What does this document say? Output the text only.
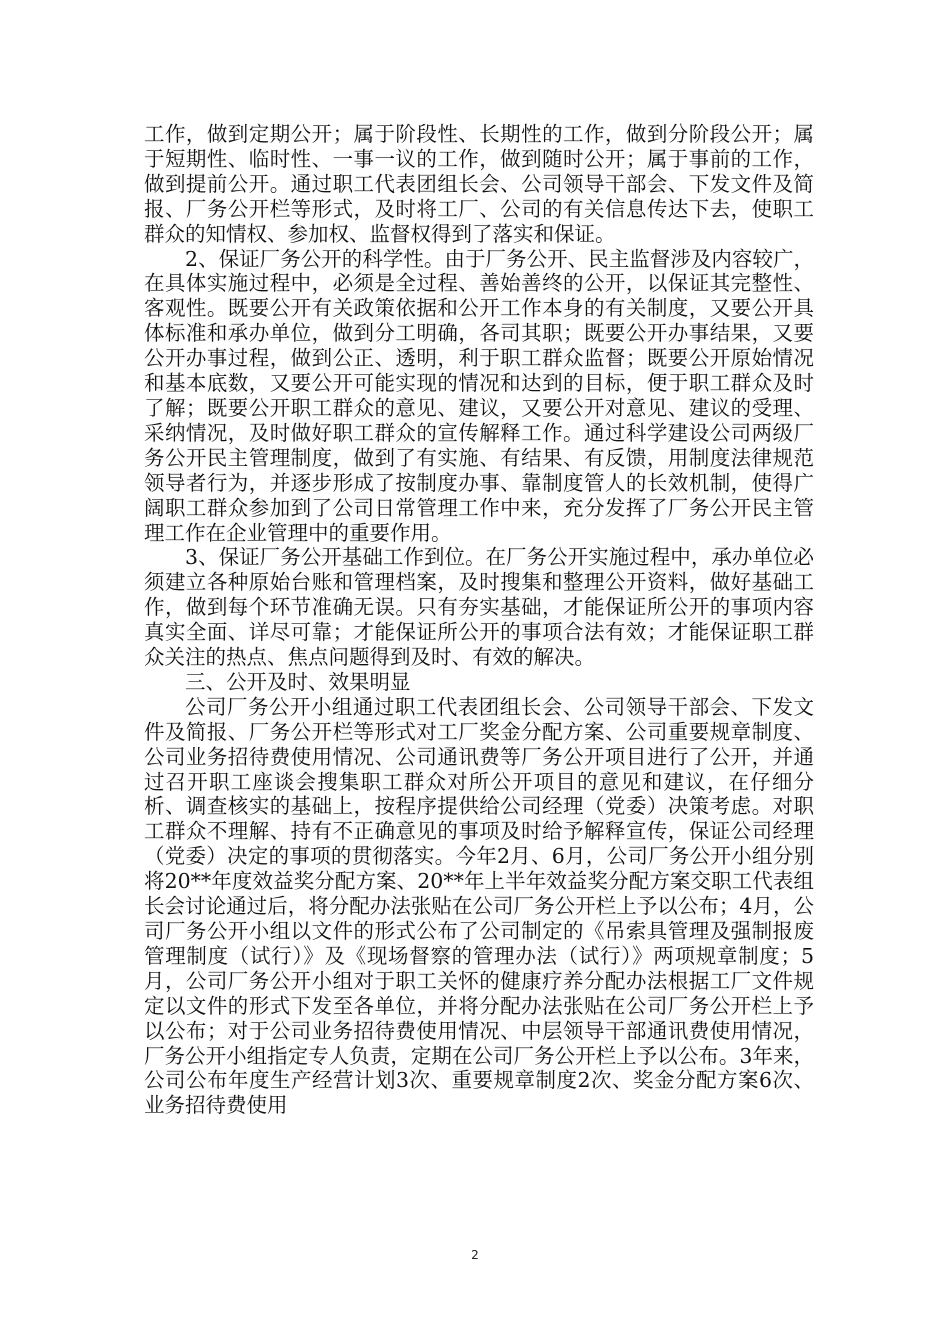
工作，做到定期公开；属于阶段性、长期性的工作，做到分阶段公开；属于短期性、临时性、一事一议的工作，做到随时公开；属于事前的工作，做到提前公开。通过职工代表团组长会、公司领导干部会、下发文件及简报、厂务公开栏等形式，及时将工厂、公司的有关信息传达下去，使职工群众的知情权、参加权、监督权得到了落实和保证。

2、保证厂务公开的科学性。由于厂务公开、民主监督涉及内容较广，在具体实施过程中，必须是全过程、善始善终的公开，以保证其完整性、客观性。既要公开有关政策依据和公开工作本身的有关制度，又要公开具体标准和承办单位，做到分工明确，各司其职；既要公开办事结果，又要公开办事过程，做到公正、透明，利于职工群众监督；既要公开原始情况和基本底数，又要公开可能实现的情况和达到的目标，便于职工群众及时了解；既要公开职工群众的意见、建议，又要公开对意见、建议的受理、采纳情况，及时做好职工群众的宣传解释工作。通过科学建设公司两级厂务公开民主管理制度，做到了有实施、有结果、有反馈，用制度法律规范领导者行为，并逐步形成了按制度办事、靠制度管人的长效机制，使得广阔职工群众参加到了公司日常管理工作中来，充分发挥了厂务公开民主管理工作在企业管理中的重要作用。

3、保证厂务公开基础工作到位。在厂务公开实施过程中，承办单位必须建立各种原始台账和管理档案，及时搜集和整理公开资料，做好基础工作，做到每个环节准确无误。只有夯实基础，才能保证所公开的事项内容真实全面、详尽可靠；才能保证所公开的事项合法有效；才能保证职工群众关注的热点、焦点问题得到及时、有效的解决。

三、公开及时、效果明显

公司厂务公开小组通过职工代表团组长会、公司领导干部会、下发文件及简报、厂务公开栏等形式对工厂奖金分配方案、公司重要规章制度、公司业务招待费使用情况、公司通讯费等厂务公开项目进行了公开，并通过召开职工座谈会搜集职工群众对所公开项目的意见和建议，在仔细分析、调查核实的基础上，按程序提供给公司经理（党委）决策考虑。对职工群众不理解、持有不正确意见的事项及时给予解释宣传，保证公司经理（党委）决定的事项的贯彻落实。今年2月、6月，公司厂务公开小组分别将20**年度效益奖分配方案、20**年上半年效益奖分配方案交职工代表组长会讨论通过后，将分配办法张贴在公司厂务公开栏上予以公布；4月，公司厂务公开小组以文件的形式公布了公司制定的《吊索具管理及强制报废管理制度（试行）》及《现场督察的管理办法（试行）》两项规章制度；5月，公司厂务公开小组对于职工关怀的健康疗养分配办法根据工厂文件规定以文件的形式下发至各单位，并将分配办法张贴在公司厂务公开栏上予以公布；对于公司业务招待费使用情况、中层领导干部通讯费使用情况，厂务公开小组指定专人负责，定期在公司厂务公开栏上予以公布。3年来，公司公布年度生产经营计划3次、重要规章制度2次、奖金分配方案6次、业务招待费使用

2
